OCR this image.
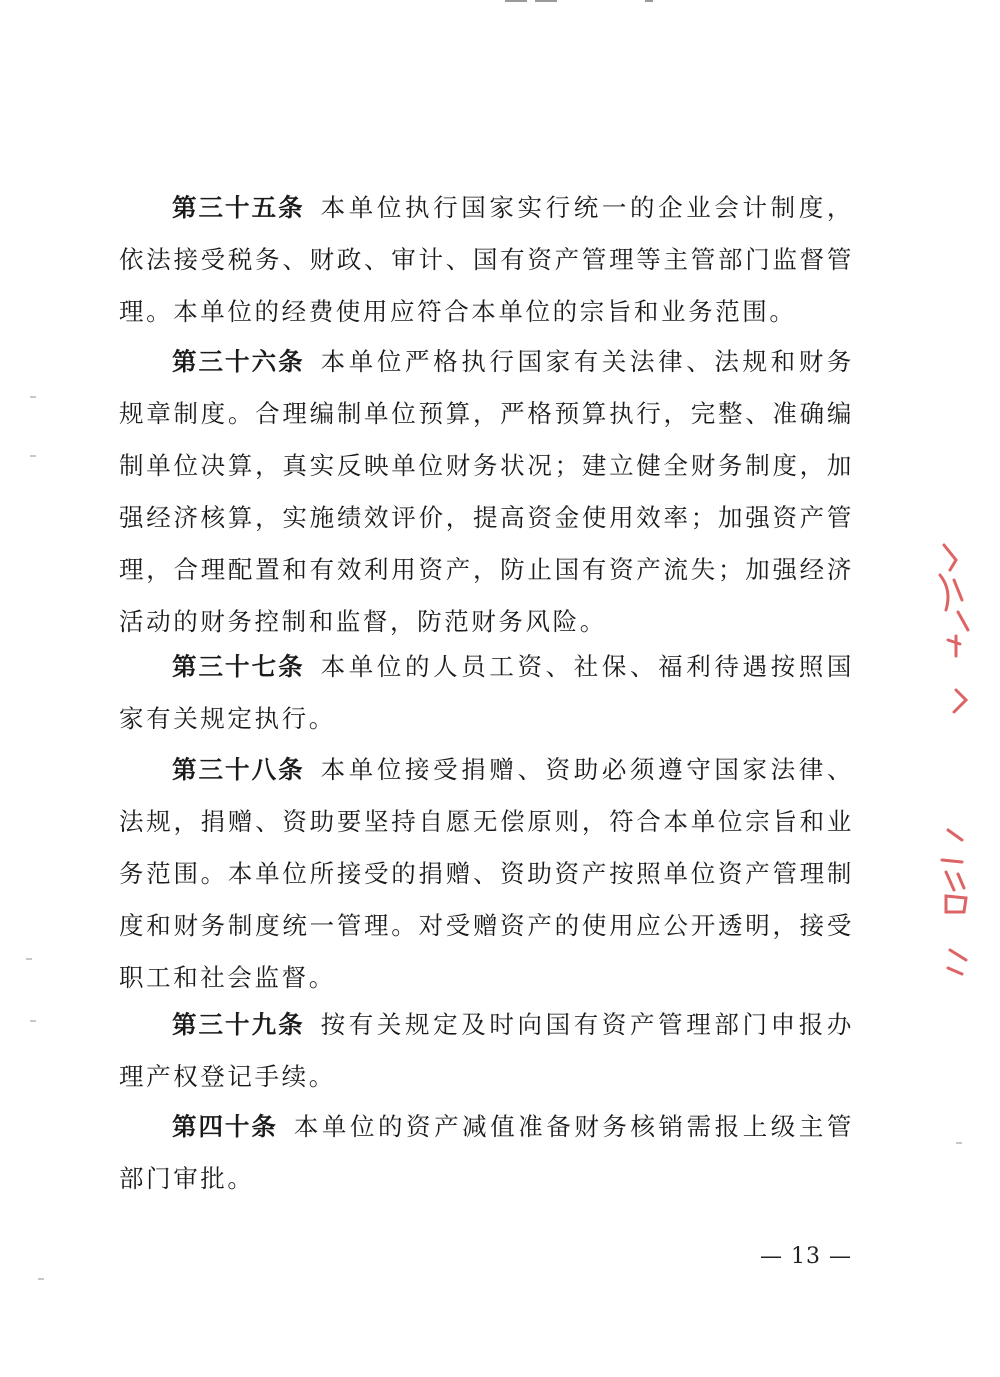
第三十五条 本单位执行国家实行统一的企业会计制度，依法接受税务、财政、审计、国有资产管理等主管部门监督管理。本单位的经费使用应符合本单位的宗旨和业务范围。

第三十六条 本单位严格执行国家有关法律、法规和财务规章制度。合理编制单位预算，严格预算执行，完整、准确编制单位决算，真实反映单位财务状况；建立健全财务制度，加强经济核算，实施绩效评价，提高资金使用效率；加强资产管理，合理配置和有效利用资产，防止国有资产流失；加强经济活动的财务控制和监督，防范财务风险。

第三十七条 本单位的人员工资、社保、福利待遇按照国家有关规定执行。

第三十八条 本单位接受捐赠、资助必须遵守国家法律、法规，捐赠、资助要坚持自愿无偿原则，符合本单位宗旨和业务范围。本单位所接受的捐赠、资助资产按照单位资产管理制度和财务制度统一管理。对受赠资产的使用应公开透明，接受职工和社会监督。

第三十九条 按有关规定及时向国有资产管理部门申报办理产权登记手续。

第四十条 本单位的资产减值准备财务核销需报上级主管部门审批。

— 13 —
